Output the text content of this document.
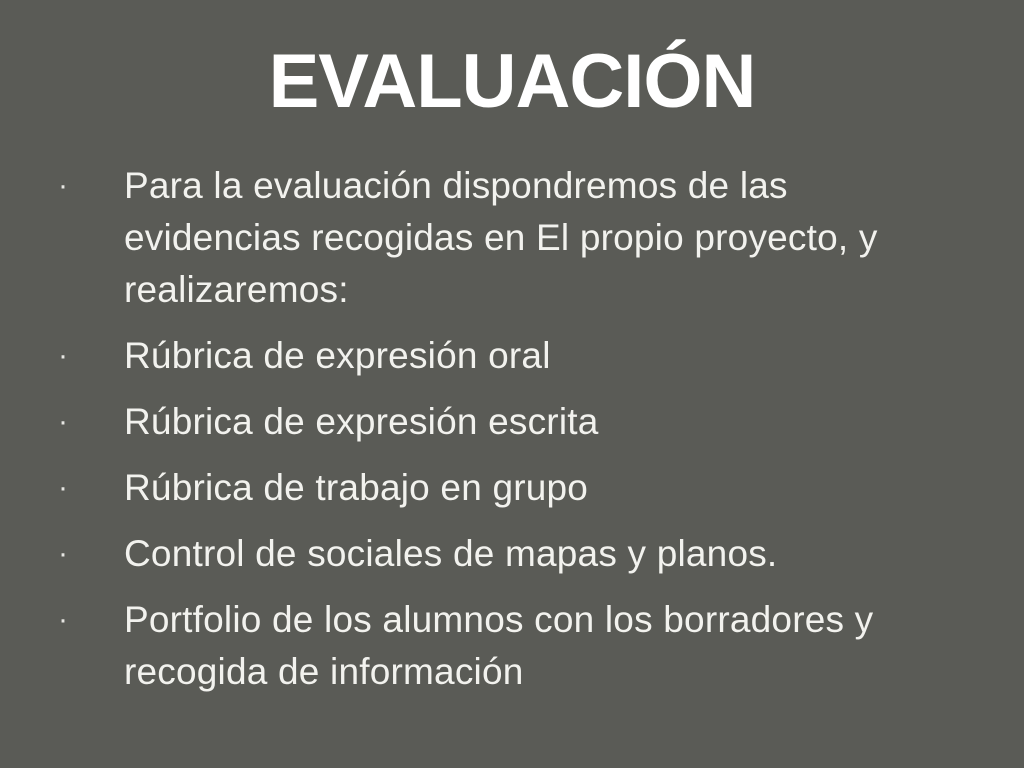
EVALUACIÓN
·	Para la evaluación dispondremos de las evidencias recogidas en El propio proyecto, y realizaremos:
·	Rúbrica de expresión oral
·	Rúbrica de expresión escrita
·	Rúbrica de trabajo en grupo
·	Control de sociales de mapas y planos.
·	Portfolio de los alumnos con los borradores y recogida de información
